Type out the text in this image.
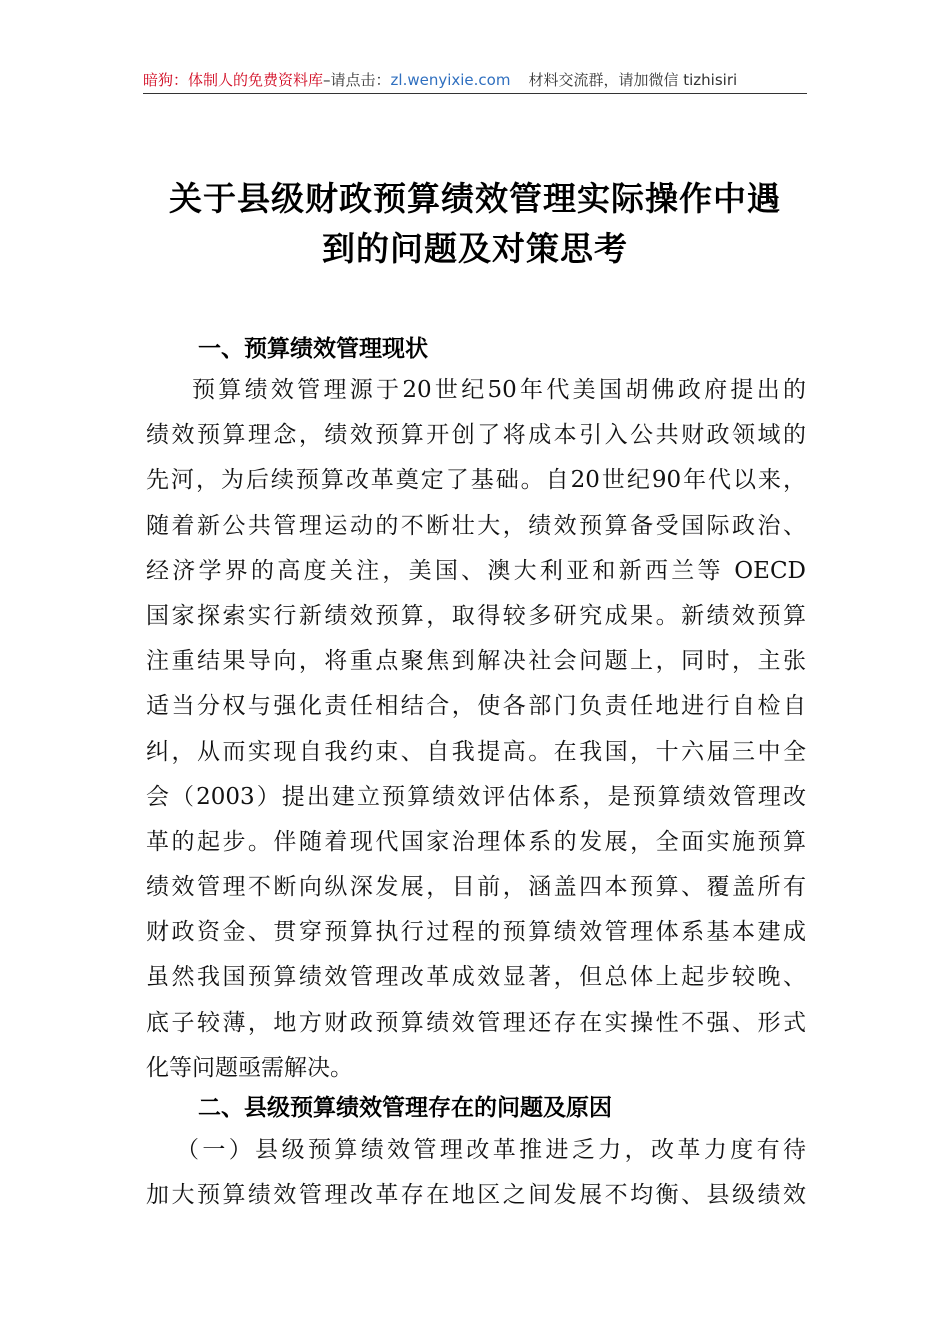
暗狗：体制人的免费资料库–请点击：zl.wenyixie.com 材料交流群，请加微信 tizhisiri
关于县级财政预算绩效管理实际操作中遇
到的问题及对策思考
一、预算绩效管理现状
预算绩效管理源于20世纪50年代美国胡佛政府提出的
绩效预算理念，绩效预算开创了将成本引入公共财政领域的
先河，为后续预算改革奠定了基础。自20世纪90年代以来，
随着新公共管理运动的不断壮大，绩效预算备受国际政治、
经济学界的高度关注，美国、澳大利亚和新西兰等 OECD
国家探索实行新绩效预算，取得较多研究成果。新绩效预算
注重结果导向，将重点聚焦到解决社会问题上，同时，主张
适当分权与强化责任相结合，使各部门负责任地进行自检自
纠，从而实现自我约束、自我提高。在我国，十六届三中全
会（2003）提出建立预算绩效评估体系，是预算绩效管理改
革的起步。伴随着现代国家治理体系的发展，全面实施预算
绩效管理不断向纵深发展，目前，涵盖四本预算、覆盖所有
财政资金、贯穿预算执行过程的预算绩效管理体系基本建成
虽然我国预算绩效管理改革成效显著，但总体上起步较晚、
底子较薄，地方财政预算绩效管理还存在实操性不强、形式
化等问题亟需解决。
二、县级预算绩效管理存在的问题及原因
（一）县级预算绩效管理改革推进乏力，改革力度有待
加大预算绩效管理改革存在地区之间发展不均衡、县级绩效
